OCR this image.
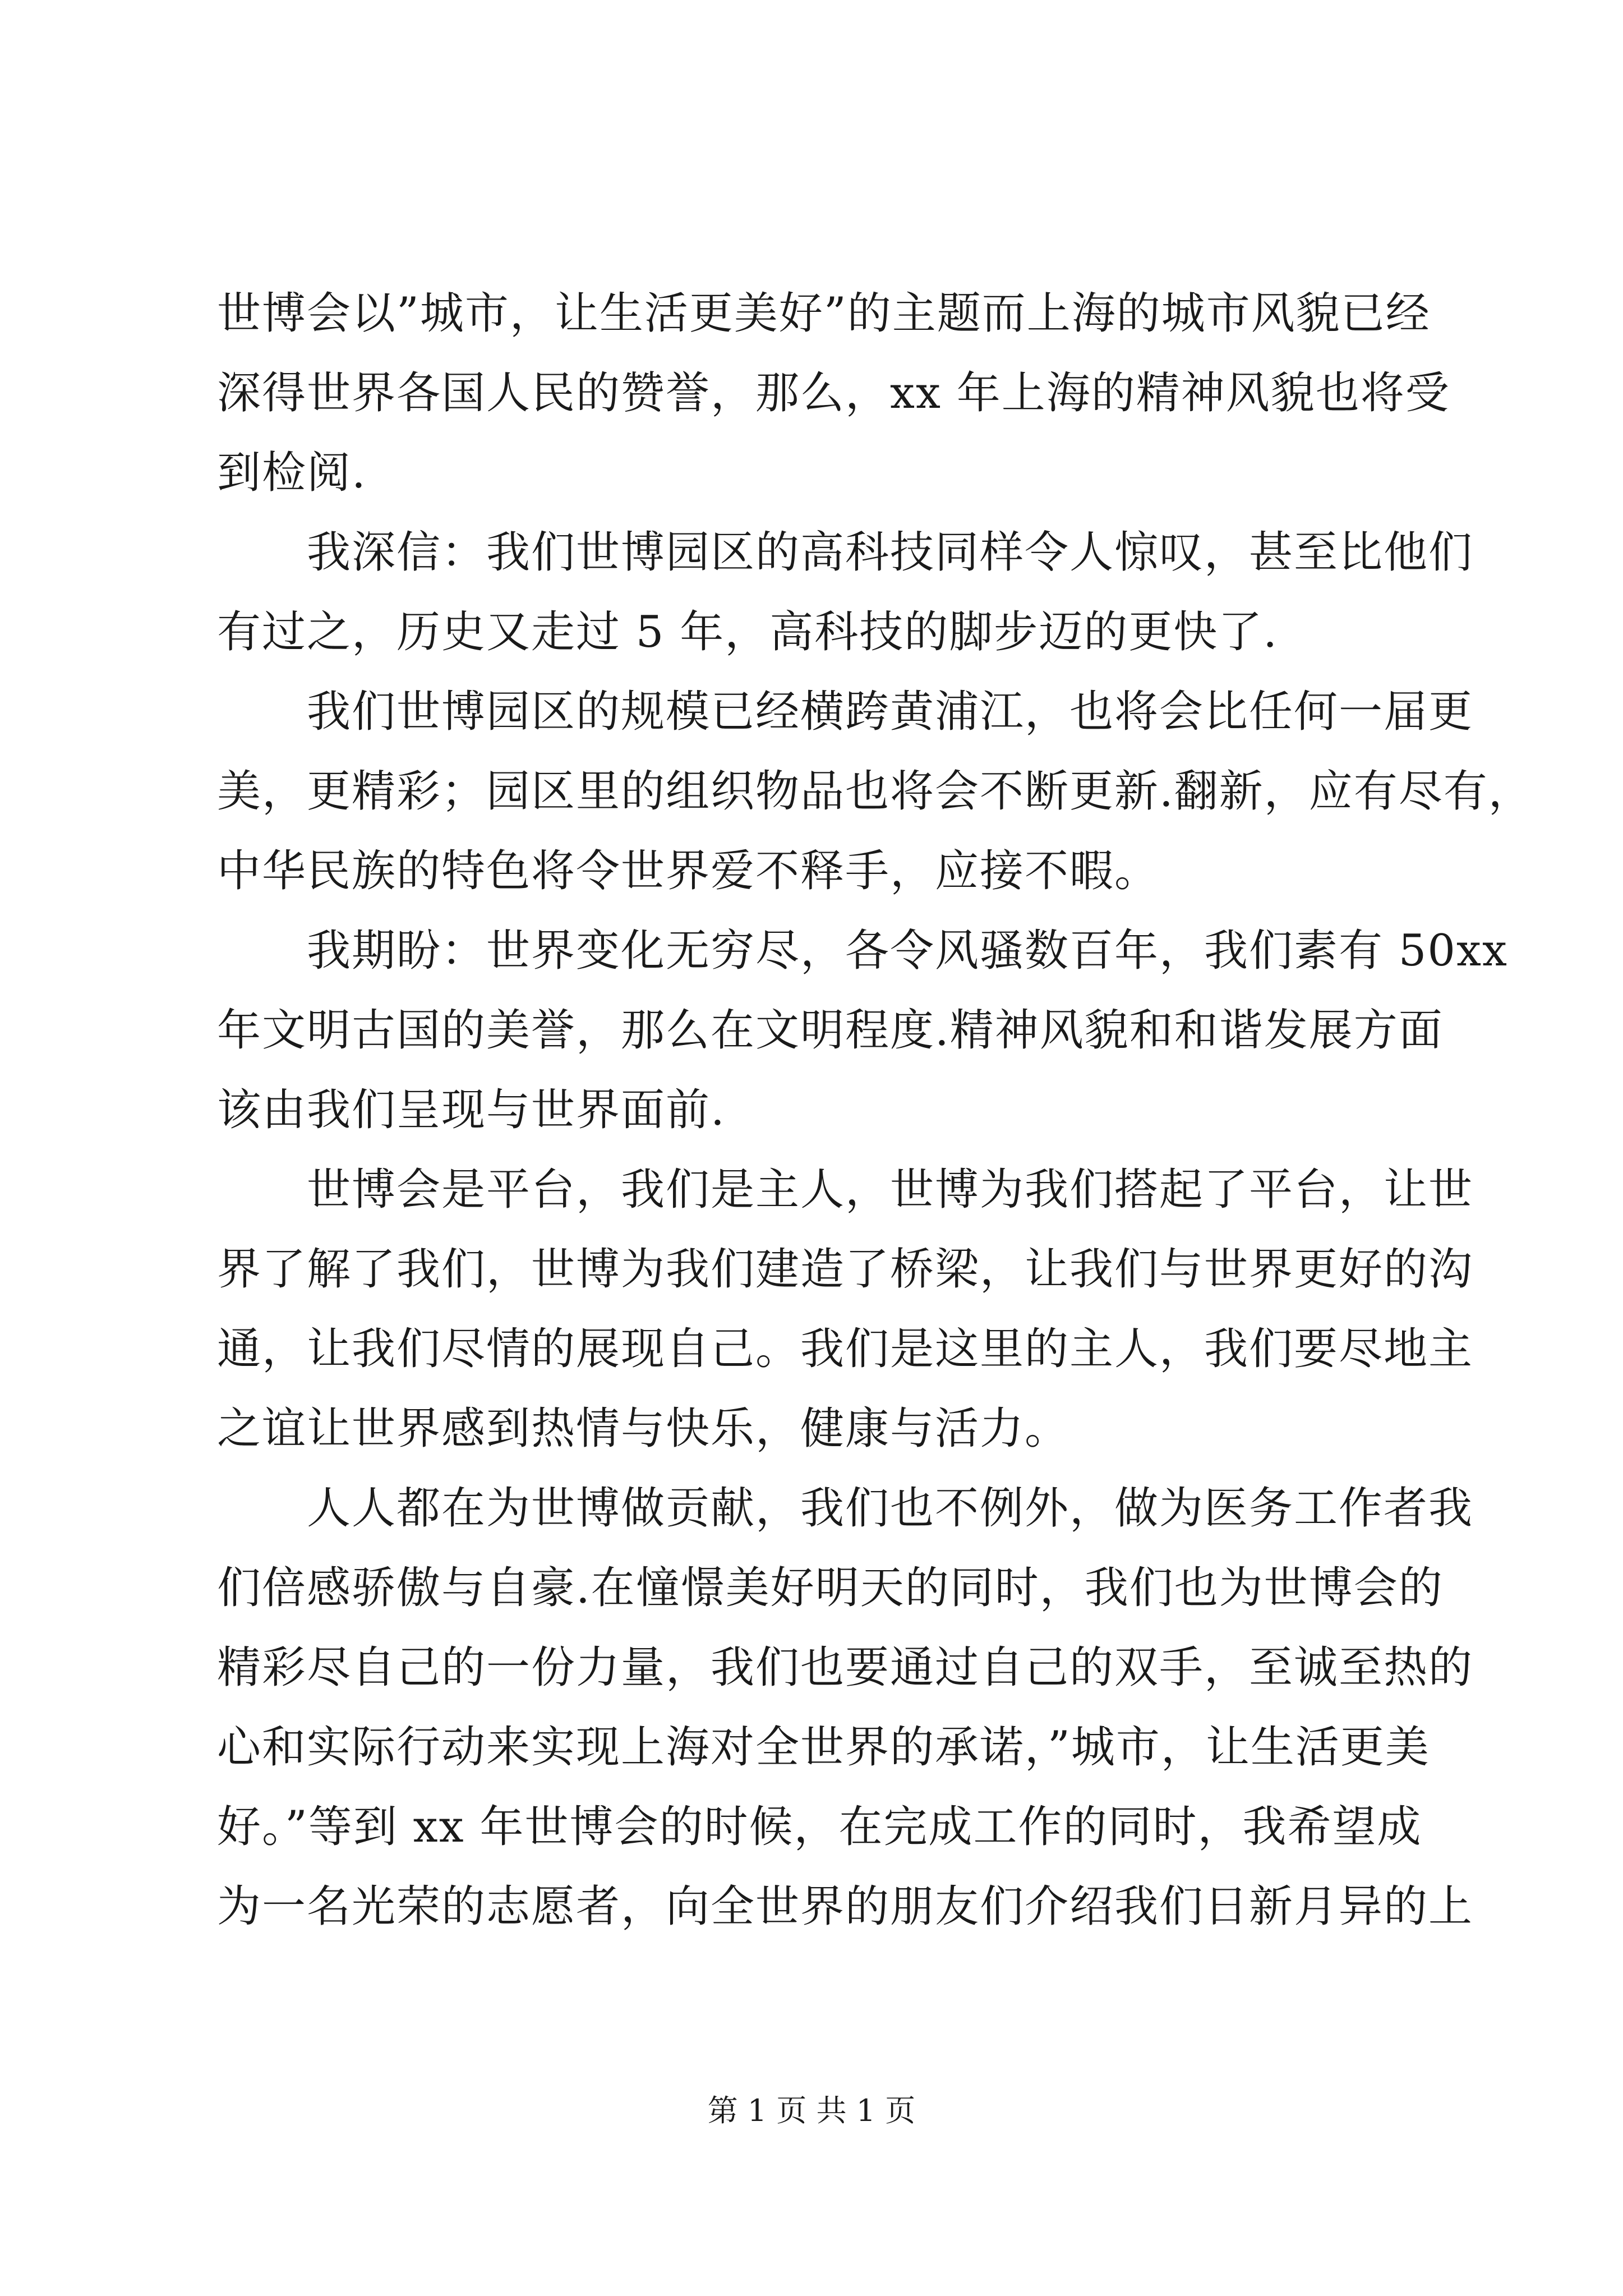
世博会以”城市，让生活更美好”的主题而上海的城市风貌已经
深得世界各国人民的赞誉，那么，xx 年上海的精神风貌也将受
到检阅.
我深信：我们世博园区的高科技同样令人惊叹，甚至比他们
有过之，历史又走过 5 年，高科技的脚步迈的更快了.
我们世博园区的规模已经横跨黄浦江，也将会比任何一届更
美，更精彩；园区里的组织物品也将会不断更新.翻新，应有尽有，
中华民族的特色将令世界爱不释手，应接不暇。
我期盼：世界变化无穷尽，各令风骚数百年，我们素有 50xx
年文明古国的美誉，那么在文明程度.精神风貌和和谐发展方面
该由我们呈现与世界面前.
世博会是平台，我们是主人，世博为我们搭起了平台，让世
界了解了我们，世博为我们建造了桥梁，让我们与世界更好的沟
通，让我们尽情的展现自己。我们是这里的主人，我们要尽地主
之谊让世界感到热情与快乐，健康与活力。
人人都在为世博做贡献，我们也不例外，做为医务工作者我
们倍感骄傲与自豪.在憧憬美好明天的同时，我们也为世博会的
精彩尽自己的一份力量，我们也要通过自己的双手，至诚至热的
心和实际行动来实现上海对全世界的承诺，”城市，让生活更美
好。”等到 xx 年世博会的时候，在完成工作的同时，我希望成
为一名光荣的志愿者，向全世界的朋友们介绍我们日新月异的上
第 1 页 共 1 页
